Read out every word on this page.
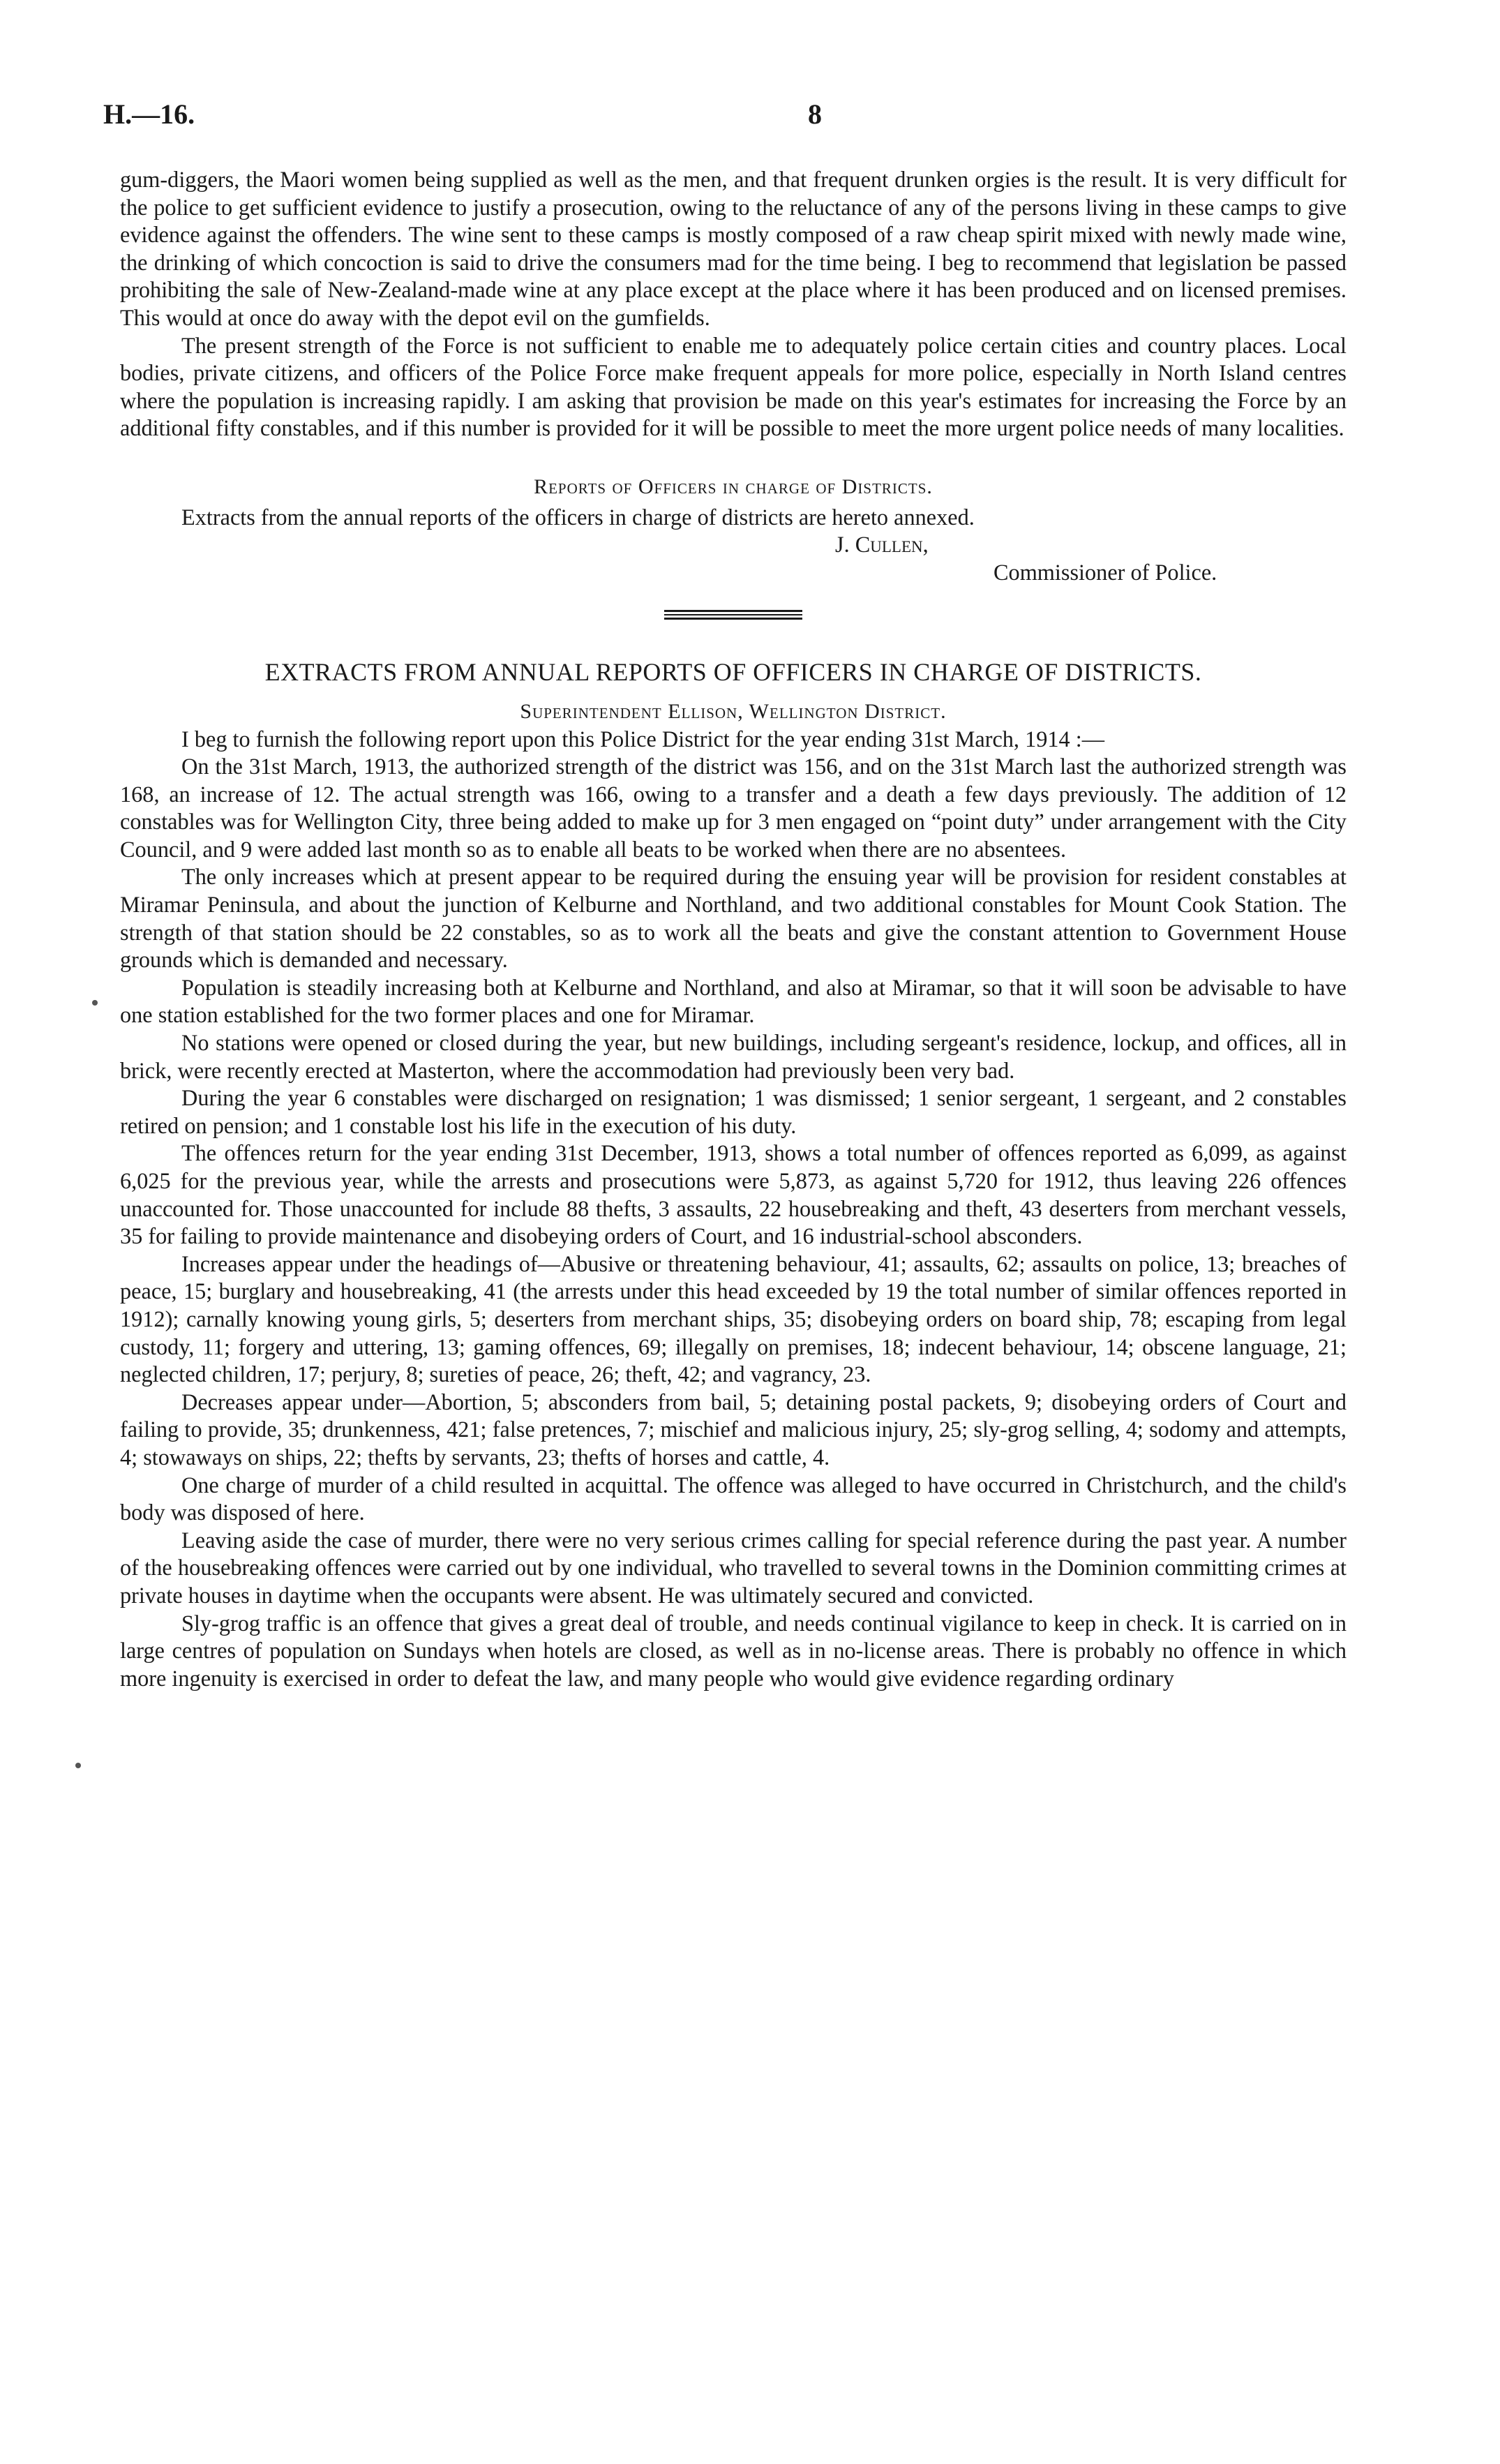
H.—16.	8

gum-diggers, the Maori women being supplied as well as the men, and that frequent drunken orgies is the result. It is very difficult for the police to get sufficient evidence to justify a prosecution, owing to the reluctance of any of the persons living in these camps to give evidence against the offenders. The wine sent to these camps is mostly composed of a raw cheap spirit mixed with newly made wine, the drinking of which concoction is said to drive the consumers mad for the time being. I beg to recommend that legislation be passed prohibiting the sale of New-Zealand-made wine at any place except at the place where it has been produced and on licensed premises. This would at once do away with the depot evil on the gumfields.

The present strength of the Force is not sufficient to enable me to adequately police certain cities and country places. Local bodies, private citizens, and officers of the Police Force make frequent appeals for more police, especially in North Island centres where the population is increasing rapidly. I am asking that provision be made on this year's estimates for increasing the Force by an additional fifty constables, and if this number is provided for it will be possible to meet the more urgent police needs of many localities.

Reports of Officers in charge of Districts.

Extracts from the annual reports of the officers in charge of districts are hereto annexed.

J. Cullen,
Commissioner of Police.
EXTRACTS FROM ANNUAL REPORTS OF OFFICERS IN CHARGE OF DISTRICTS.
Superintendent Ellison, Wellington District.

I beg to furnish the following report upon this Police District for the year ending 31st March, 1914 :—

On the 31st March, 1913, the authorized strength of the district was 156, and on the 31st March last the authorized strength was 168, an increase of 12. The actual strength was 166, owing to a transfer and a death a few days previously. The addition of 12 constables was for Wellington City, three being added to make up for 3 men engaged on “point duty” under arrangement with the City Council, and 9 were added last month so as to enable all beats to be worked when there are no absentees.

The only increases which at present appear to be required during the ensuing year will be provision for resident constables at Miramar Peninsula, and about the junction of Kelburne and Northland, and two additional constables for Mount Cook Station. The strength of that station should be 22 constables, so as to work all the beats and give the constant attention to Government House grounds which is demanded and necessary.

Population is steadily increasing both at Kelburne and Northland, and also at Miramar, so that it will soon be advisable to have one station established for the two former places and one for Miramar.

No stations were opened or closed during the year, but new buildings, including sergeant's residence, lockup, and offices, all in brick, were recently erected at Masterton, where the accommodation had previously been very bad.

During the year 6 constables were discharged on resignation; 1 was dismissed; 1 senior sergeant, 1 sergeant, and 2 constables retired on pension; and 1 constable lost his life in the execution of his duty.

The offences return for the year ending 31st December, 1913, shows a total number of offences reported as 6,099, as against 6,025 for the previous year, while the arrests and prosecutions were 5,873, as against 5,720 for 1912, thus leaving 226 offences unaccounted for. Those unaccounted for include 88 thefts, 3 assaults, 22 housebreaking and theft, 43 deserters from merchant vessels, 35 for failing to provide maintenance and disobeying orders of Court, and 16 industrial-school absconders.

Increases appear under the headings of—Abusive or threatening behaviour, 41; assaults, 62; assaults on police, 13; breaches of peace, 15; burglary and housebreaking, 41 (the arrests under this head exceeded by 19 the total number of similar offences reported in 1912); carnally knowing young girls, 5; deserters from merchant ships, 35; disobeying orders on board ship, 78; escaping from legal custody, 11; forgery and uttering, 13; gaming offences, 69; illegally on premises, 18; indecent behaviour, 14; obscene language, 21; neglected children, 17; perjury, 8; sureties of peace, 26; theft, 42; and vagrancy, 23.

Decreases appear under—Abortion, 5; absconders from bail, 5; detaining postal packets, 9; disobeying orders of Court and failing to provide, 35; drunkenness, 421; false pretences, 7; mischief and malicious injury, 25; sly-grog selling, 4; sodomy and attempts, 4; stowaways on ships, 22; thefts by servants, 23; thefts of horses and cattle, 4.

One charge of murder of a child resulted in acquittal. The offence was alleged to have occurred in Christchurch, and the child's body was disposed of here.

Leaving aside the case of murder, there were no very serious crimes calling for special reference during the past year. A number of the housebreaking offences were carried out by one individual, who travelled to several towns in the Dominion committing crimes at private houses in daytime when the occupants were absent. He was ultimately secured and convicted.

Sly-grog traffic is an offence that gives a great deal of trouble, and needs continual vigilance to keep in check. It is carried on in large centres of population on Sundays when hotels are closed, as well as in no-license areas. There is probably no offence in which more ingenuity is exercised in order to defeat the law, and many people who would give evidence regarding ordinary
